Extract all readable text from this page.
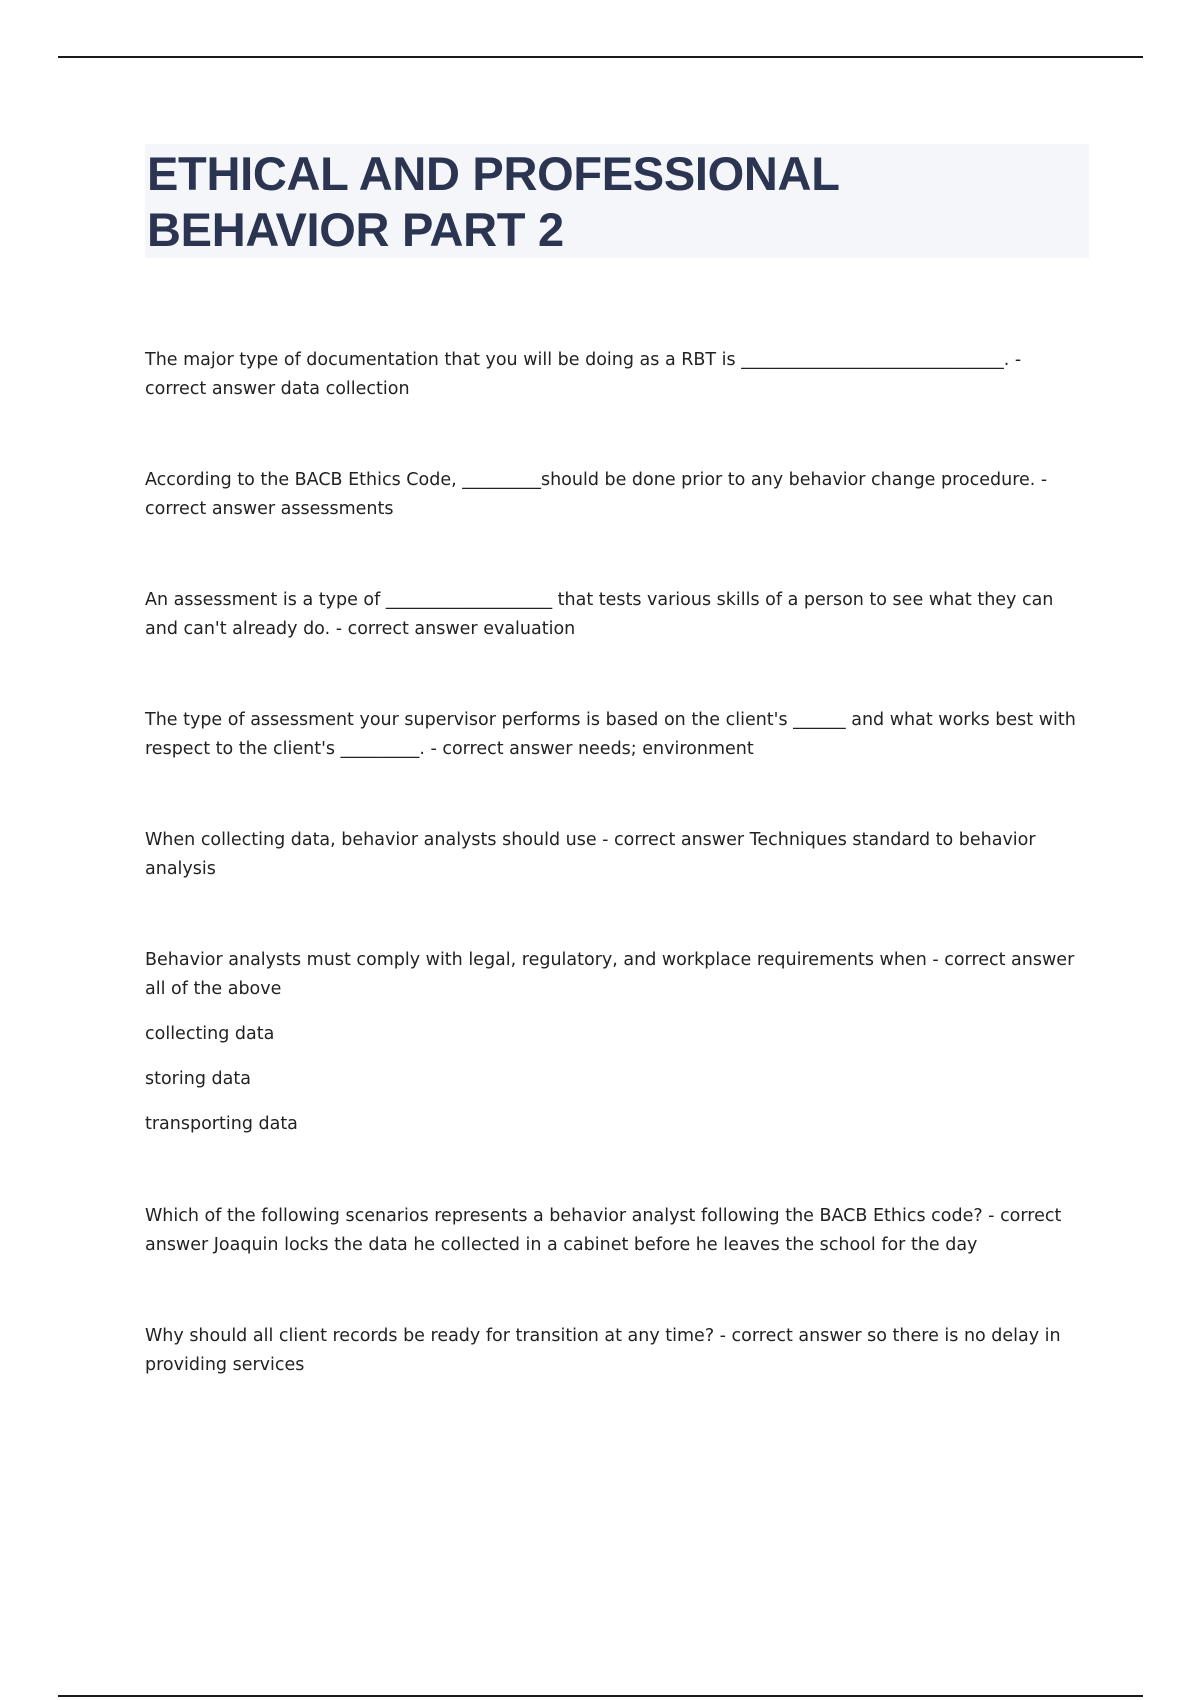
ETHICAL AND PROFESSIONAL
BEHAVIOR PART 2

The major type of documentation that you will be doing as a RBT is ______________________________. - correct answer data collection

According to the BACB Ethics Code, _________should be done prior to any behavior change procedure. - correct answer assessments

An assessment is a type of ___________________ that tests various skills of a person to see what they can and can't already do. - correct answer evaluation

The type of assessment your supervisor performs is based on the client's ______ and what works best with respect to the client's _________. - correct answer needs; environment

When collecting data, behavior analysts should use - correct answer Techniques standard to behavior analysis

Behavior analysts must comply with legal, regulatory, and workplace requirements when - correct answer all of the above

collecting data

storing data

transporting data

Which of the following scenarios represents a behavior analyst following the BACB Ethics code? - correct answer Joaquin locks the data he collected in a cabinet before he leaves the school for the day

Why should all client records be ready for transition at any time? - correct answer so there is no delay in providing services
